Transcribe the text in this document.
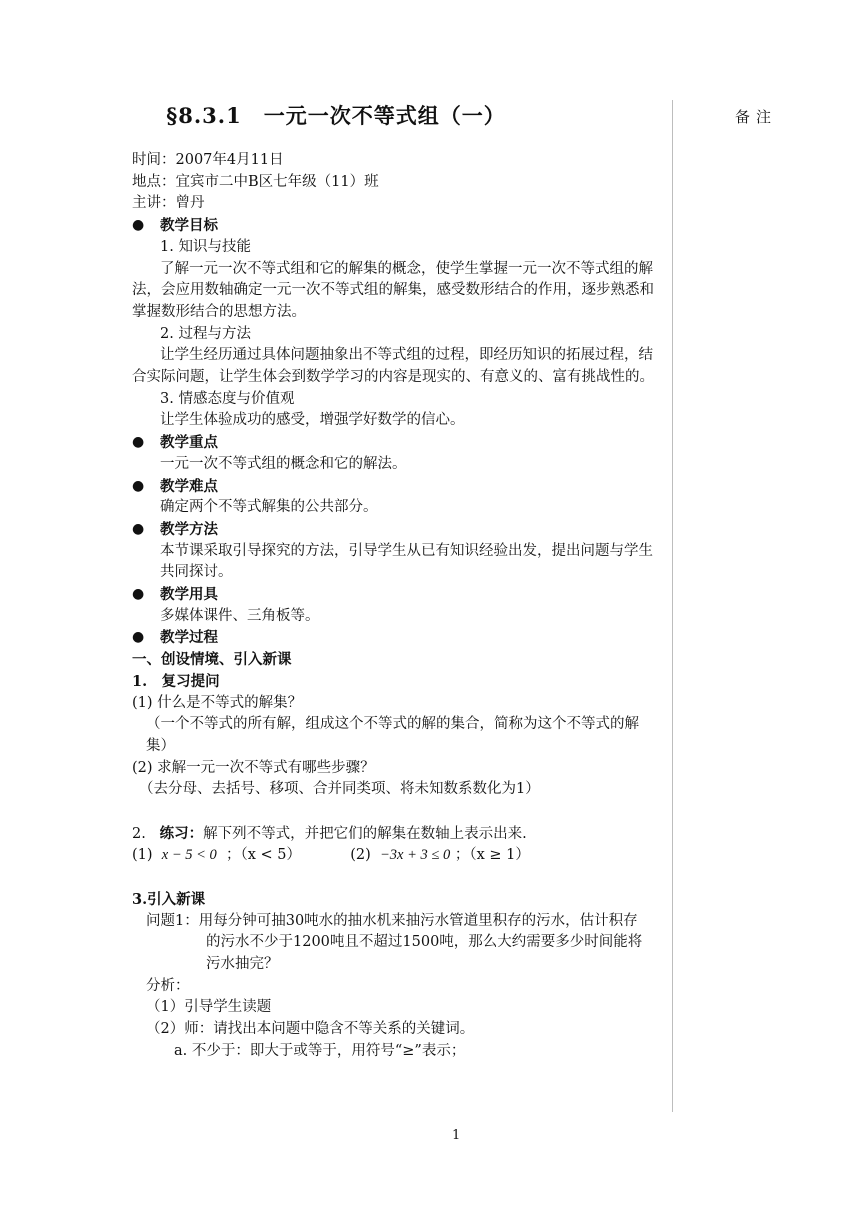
§8.3.1　一元一次不等式组（一）	备注

时间：2007年4月11日

地点：宜宾市二中B区七年级（11）班

主讲：曾丹

● 教学目标

1. 知识与技能

了解一元一次不等式组和它的解集的概念，使学生掌握一元一次不等式组的解法，会应用数轴确定一元一次不等式组的解集，感受数形结合的作用，逐步熟悉和掌握数形结合的思想方法。

2. 过程与方法

让学生经历通过具体问题抽象出不等式组的过程，即经历知识的拓展过程，结合实际问题，让学生体会到数学学习的内容是现实的、有意义的、富有挑战性的。

3. 情感态度与价值观

让学生体验成功的感受，增强学好数学的信心。

● 教学重点

一元一次不等式组的概念和它的解法。

● 教学难点

确定两个不等式解集的公共部分。

● 教学方法

本节课采取引导探究的方法，引导学生从已有知识经验出发，提出问题与学生共同探讨。

● 教学用具

多媒体课件、三角板等。

● 教学过程

一、创设情境、引入新课

1.　复习提问

(1) 什么是不等式的解集？

（一个不等式的所有解，组成这个不等式的解的集合，简称为这个不等式的解集）

(2) 求解一元一次不等式有哪些步骤？

（去分母、去括号、移项、合并同类项、将未知数系数化为1）

2. 练习：解下列不等式，并把它们的解集在数轴上表示出来.

(1) x − 5 < 0 ；（x < 5）	(2) −3x + 3 ≤ 0 ；（x ≥ 1）

3.引入新课

问题1：用每分钟可抽30吨水的抽水机来抽污水管道里积存的污水，估计积存

的污水不少于1200吨且不超过1500吨，那么大约需要多少时间能将

污水抽完？

分析：

（1）引导学生读题

（2）师：请找出本问题中隐含不等关系的关键词。

a. 不少于：即大于或等于，用符号“≥”表示；

1
